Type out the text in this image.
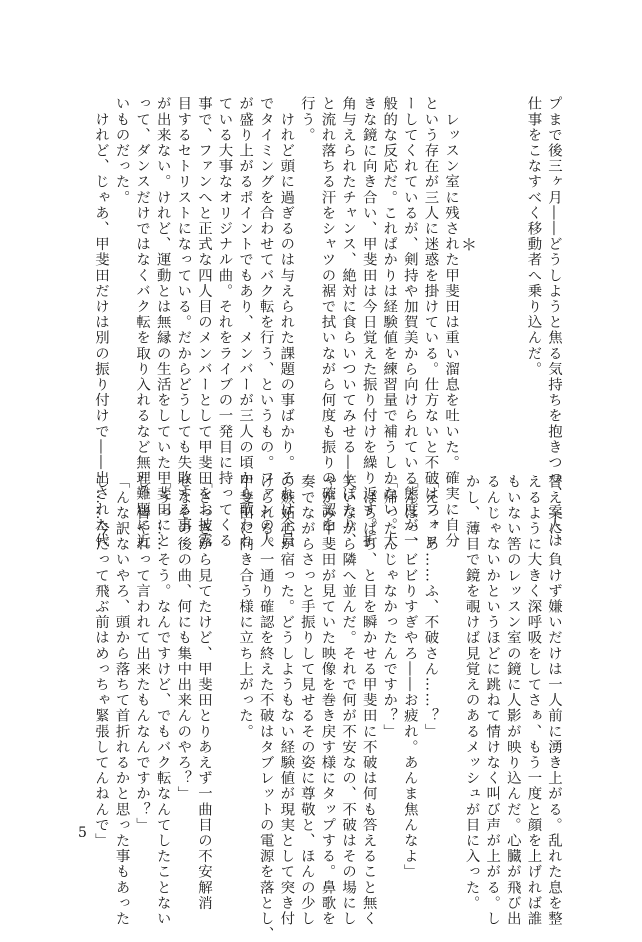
プまで後三ヶ月――どうしようと焦る気持ちを抱きつつ、二人は
仕事をこなすべく移動者へ乗り込んだ。

　レッスン室に残された甲斐田は重い溜息を吐いた。確実に自分
という存在が三人に迷惑を掛けている。仕方ないと不破はフォロ
ーしてくれているが、剣持や加賀美から向けられている態度が一
般的な反応だ。これぱかりは経験値を練習量で補うしかない。大
きな鏡に向き合い、甲斐田は今日覚えた振り付けを繰り返す。折
角与えられたチャンス、絶対に食らいついてみせる――ぽたり、
と流れ落ちる汗をシャツの裾で拭いながら何度も振りの確認を
行う。
　けれど頭に過ぎるのは与えられた課題の事ばかり。それは全員
でタイミングを合わせてバク転を行う、というもの。ファンの人
が盛り上がるポイントでもあり、メンバーが三人の頃から歌われ
ている大事なオリジナル曲。それをライブの一発目に持ってくる
事で、ファンへと正式な四人目のメンバーとして甲斐田をお披露
目するセトリストになっている。だからどうしても失敗する事
が出来ない。けれど、運動とは無縁の生活をしていた甲斐田にと
って、ダンスだけではなくバク転を取り入れるなど無理難題に近
いものだった。
　けれど、じゃあ、甲斐田だけは別の振り付けで――出された代	＊
替え案に、負けず嫌いだけは一人前に湧き上がる。乱れた息を整
えるように大きく深呼吸をしてさぁ、もう一度と顔を上げれば誰
もいない筈のレッスン室の鏡に人影が映り込んだ。心臓が飛び出
るんじゃないかというほどに跳ねて情けなく叫び声が上がる。し
かし、薄目で鏡を覗けば見覚えのあるメッシュが目に入った。

「えっ、あ……ふ、不破さん……？」
「んはっ、ビビりすぎやろ――お疲れ。あんま焦んなよ」
「帰ったんじゃなかったんですか？」
　ぱちぱち、と目を瞬かせる甲斐田に不破は何も答えること無く
笑いながら隣へ並んだ。それで何が不安なの、不破はその場にし
ゃがみ甲斐田が見ていた映像を巻き戻す様にタップする。鼻歌を
奏でながらさっと手振りして見せるその姿に尊敬と、ほんの少し
の嫉妬心が宿った。どうしようもない経験値が現実として突き付
けられる。一通り確認を終えた不破はタブレットの電源を落とし、
甲斐田に向き合う様に立ち上がった。

「さっきから見てたけど、甲斐田とりあえず一曲目の不安解消
せなその後の曲、何にも集中出来んのやろ？」
「うっ……そう。なんですけど、でもバク転なんてしたことない
し、皆やれって言われて出来たもんなんですか？」
「んな訳ないやろ、頭から落ちて首折れるかと思った事もあった
し……今だって飛ぶ前はめっちゃ緊張してんねんで」
5
